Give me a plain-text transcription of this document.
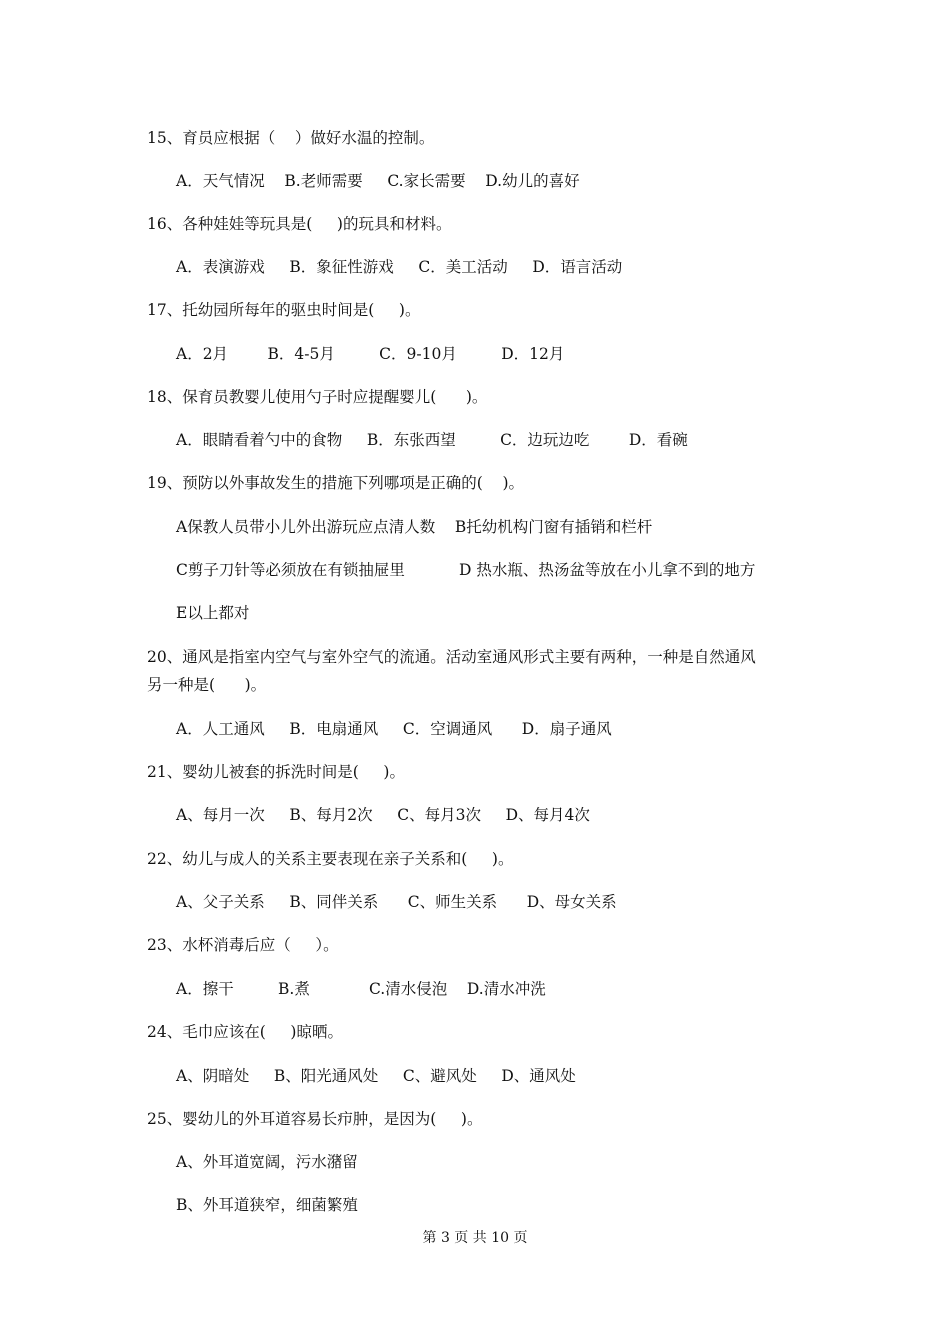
15、育员应根据（    ）做好水温的控制。
A．天气情况    B.老师需要     C.家长需要    D.幼儿的喜好
16、各种娃娃等玩具是(     )的玩具和材料。
A．表演游戏     B．象征性游戏     C．美工活动     D．语言活动
17、托幼园所每年的驱虫时间是(     )。
A．2月        B．4-5月         C．9-10月         D．12月
18、保育员教婴儿使用勺子时应提醒婴儿(      )。
A．眼睛看着勺中的食物     B．东张西望         C．边玩边吃        D．看碗
19、预防以外事故发生的措施下列哪项是正确的(    )。
A保教人员带小儿外出游玩应点清人数    B托幼机构门窗有插销和栏杆
C剪子刀针等必须放在有锁抽屉里           D 热水瓶、热汤盆等放在小儿拿不到的地方
E以上都对
20、通风是指室内空气与室外空气的流通。活动室通风形式主要有两种，一种是自然通风
另一种是(      )。
A．人工通风     B．电扇通风     C．空调通风      D．扇子通风
21、婴幼儿被套的拆洗时间是(     )。
A、每月一次     B、每月2次     C、每月3次     D、每月4次
22、幼儿与成人的关系主要表现在亲子关系和(     )。
A、父子关系     B、同伴关系      C、师生关系      D、母女关系
23、水杯消毒后应（     ）。
A．擦干         B.煮            C.清水侵泡    D.清水冲洗
24、毛巾应该在(     )晾晒。
A、阴暗处     B、阳光通风处     C、避风处     D、通风处
25、婴幼儿的外耳道容易长疖肿，是因为(     )。
A、外耳道宽阔，污水潴留
B、外耳道狭窄，细菌繁殖
第 3 页 共 10 页
